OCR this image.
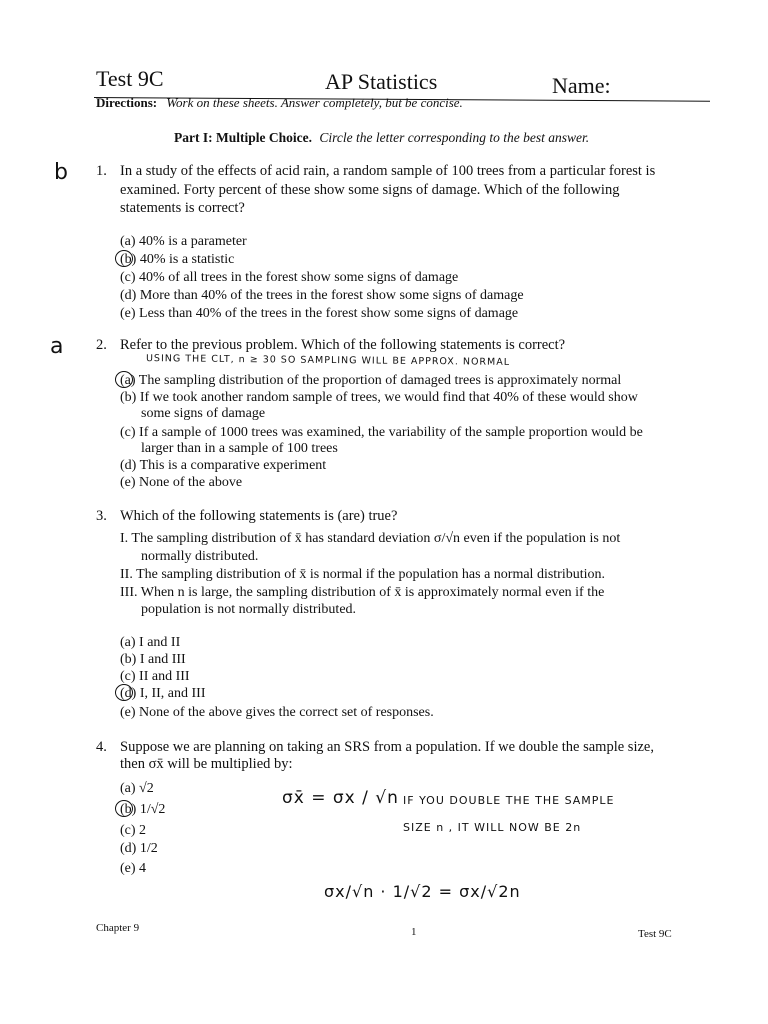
Test 9C	AP Statistics	Name:
Directions: Work on these sheets. Answer completely, but be concise.
Part I: Multiple Choice. Circle the letter corresponding to the best answer.
b
a
1. In a study of the effects of acid rain, a random sample of 100 trees from a particular forest is
examined. Forty percent of these show some signs of damage. Which of the following
statements is correct?
(a) 40% is a parameter
(b) 40% is a statistic
(c) 40% of all trees in the forest show some signs of damage
(d) More than 40% of the trees in the forest show some signs of damage
(e) Less than 40% of the trees in the forest show some signs of damage
2. Refer to the previous problem. Which of the following statements is correct?
USING THE CLT, n ≥ 30 SO SAMPLING WILL BE APPROX. NORMAL
(a) The sampling distribution of the proportion of damaged trees is approximately normal
(b) If we took another random sample of trees, we would find that 40% of these would show
some signs of damage
(c) If a sample of 1000 trees was examined, the variability of the sample proportion would be
larger than in a sample of 100 trees
(d) This is a comparative experiment
(e) None of the above
3. Which of the following statements is (are) true?
I. The sampling distribution of x̄ has standard deviation σ/√n even if the population is not
normally distributed.
II. The sampling distribution of x̄ is normal if the population has a normal distribution.
III. When n is large, the sampling distribution of x̄ is approximately normal even if the
population is not normally distributed.
(a) I and II
(b) I and III
(c) II and III
(d) I, II, and III
(e) None of the above gives the correct set of responses.
4. Suppose we are planning on taking an SRS from a population. If we double the sample size,
then σx̄ will be multiplied by:
(a) √2
(b) 1/√2
(c) 2
(d) 1/2
(e) 4
σx̄ = σx / √n IF YOU DOUBLE THE THE SAMPLE
SIZE n , IT WILL NOW BE 2n
σx/√n · 1/√2 = σx/√2n
Chapter 9	1	Test 9C
